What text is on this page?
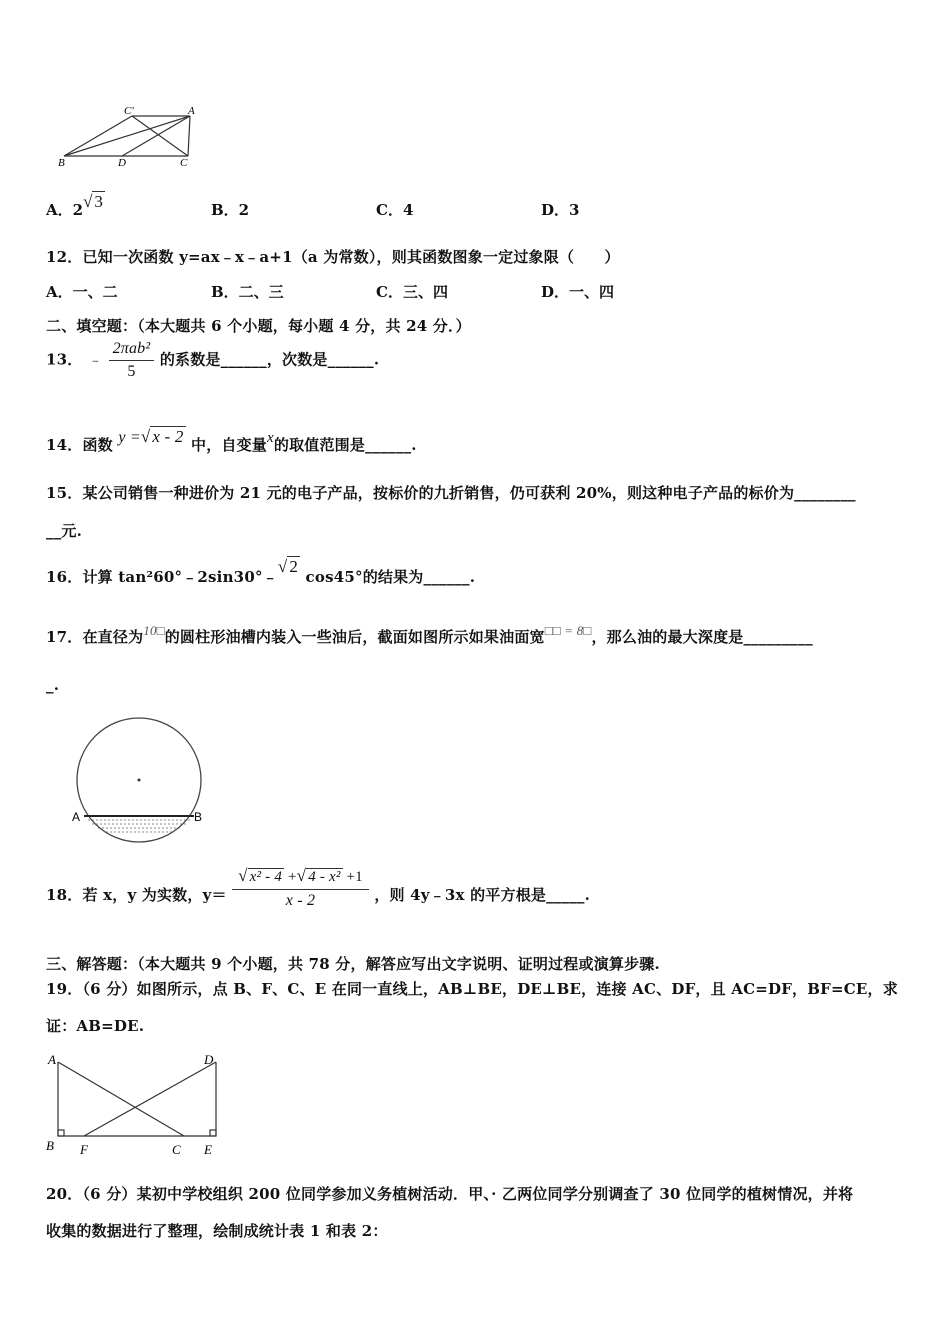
C'	A
B	D	C
A．2√ 3	B．2	C．4	D．3
12．已知一次函数 y=ax﹣x﹣a+1（a 为常数），则其函数图象一定过象限（　　）
A．一、二	B．二、三	C．三、四	D．一、四
二、填空题：（本大题共 6 个小题，每小题 4 分，共 24 分．）
13． ﹣ $\frac{\text{2πab²}}{5}$ 的系数是______，次数是______.
14．函数 y =√ x - 2 中，自变量x的取值范围是______.
15．某公司销售一种进价为 21 元的电子产品，按标价的九折销售，仍可获利 20%，则这种电子产品的标价为________
__元.
16．计算 tan²60°﹣2sin30°﹣√ 2 cos45°的结果为______.
17．在直径为10□的圆柱形油槽内装入一些油后，截面如图所示如果油面宽□□ = 8□，那么油的最大深度是_________
_.
A	B
18．若 x，y 为实数，$y= \frac{\text{√ x² - 4 +√ 4 - x² +1}}{x - 2}$ ，则 4y﹣3x 的平方根是_____.
三、解答题：（本大题共 9 个小题，共 78 分，解答应写出文字说明、证明过程或演算步骤.
19．（6 分）如图所示，点 B、F、C、E 在同一直线上，AB⊥BE，DE⊥BE，连接 AC、DF，且 AC=DF，BF=CE，求
证：AB=DE.
A	D
B F	C E
20．（6 分）某初中学校组织 200 位同学参加义务植树活动．甲、· 乙两位同学分别调查了 30 位同学的植树情况，并将
收集的数据进行了整理，绘制成统计表 1 和表 2：
